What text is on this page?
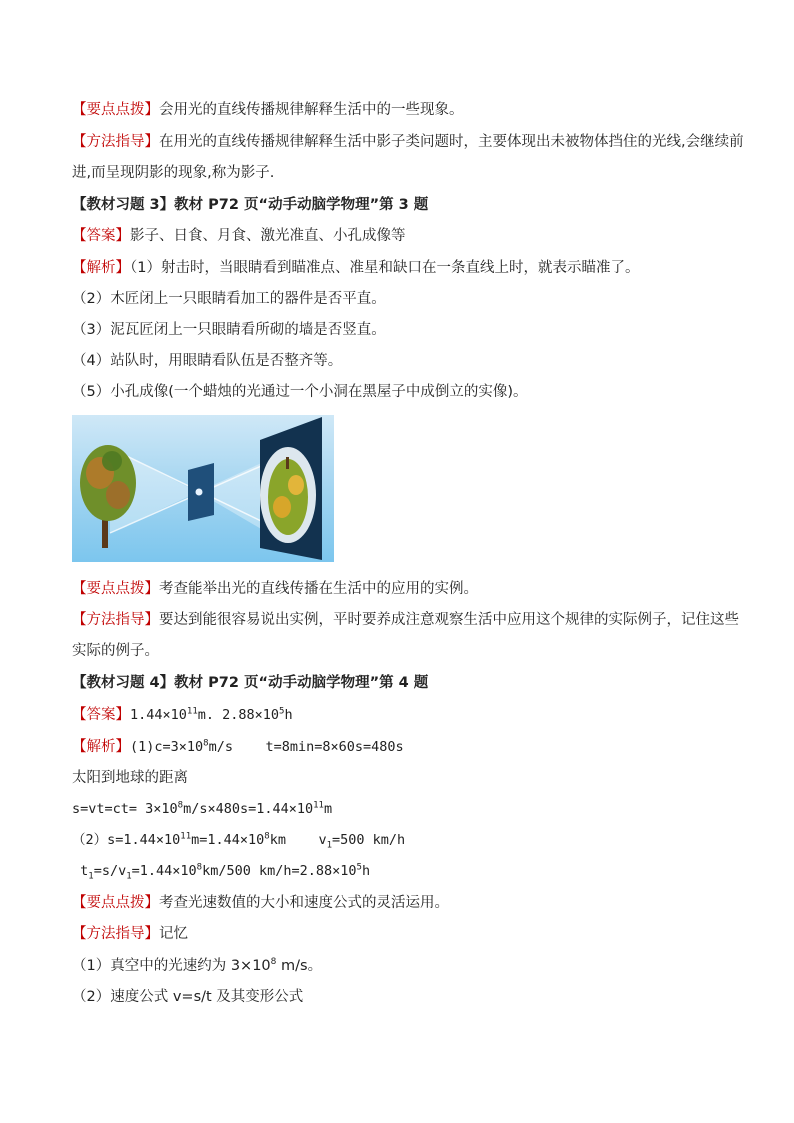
【要点点拨】会用光的直线传播规律解释生活中的一些现象。
【方法指导】在用光的直线传播规律解释生活中影子类问题时，主要体现出未被物体挡住的光线,会继续前
进,而呈现阴影的现象,称为影子.
【教材习题 3】教材 P72 页“动手动脑学物理”第 3 题
【答案】影子、日食、月食、激光准直、小孔成像等
【解析】（1）射击时，当眼睛看到瞄准点、准星和缺口在一条直线上时，就表示瞄准了。
（2）木匠闭上一只眼睛看加工的器件是否平直。
（3）泥瓦匠闭上一只眼睛看所砌的墙是否竖直。
（4）站队时，用眼睛看队伍是否整齐等。
（5）小孔成像(一个蜡烛的光通过一个小洞在黑屋子中成倒立的实像)。
【要点点拨】考查能举出光的直线传播在生活中的应用的实例。
【方法指导】要达到能很容易说出实例，平时要养成注意观察生活中应用这个规律的实际例子，记住这些
实际的例子。
【教材习题 4】教材 P72 页“动手动脑学物理”第 4 题
【答案】$1.44\times 10^{11}m$. $2.88\times 10^5h$
【解析】$(1)c=3\times 10^8m/s$    t=8min=8×60s=480s
太阳到地球的距离
$s=vt=ct= 3\times 10^8m/s\times 480s=1.44\times 10^{11}m$
$(2)s=1.44\times 10^{11}m=1.44\times 10^8km$    $v_1=500$ km/h
$t_1=s/v_1=1.44\times 10^8km/500$ $km/h=2.88\times 10^5h$
【要点点拨】考查光速数值的大小和速度公式的灵活运用。
【方法指导】记忆
（1）真空中的光速约为 $3\times 10^8$ m/s。
（2）速度公式 v=s/t 及其变形公式
